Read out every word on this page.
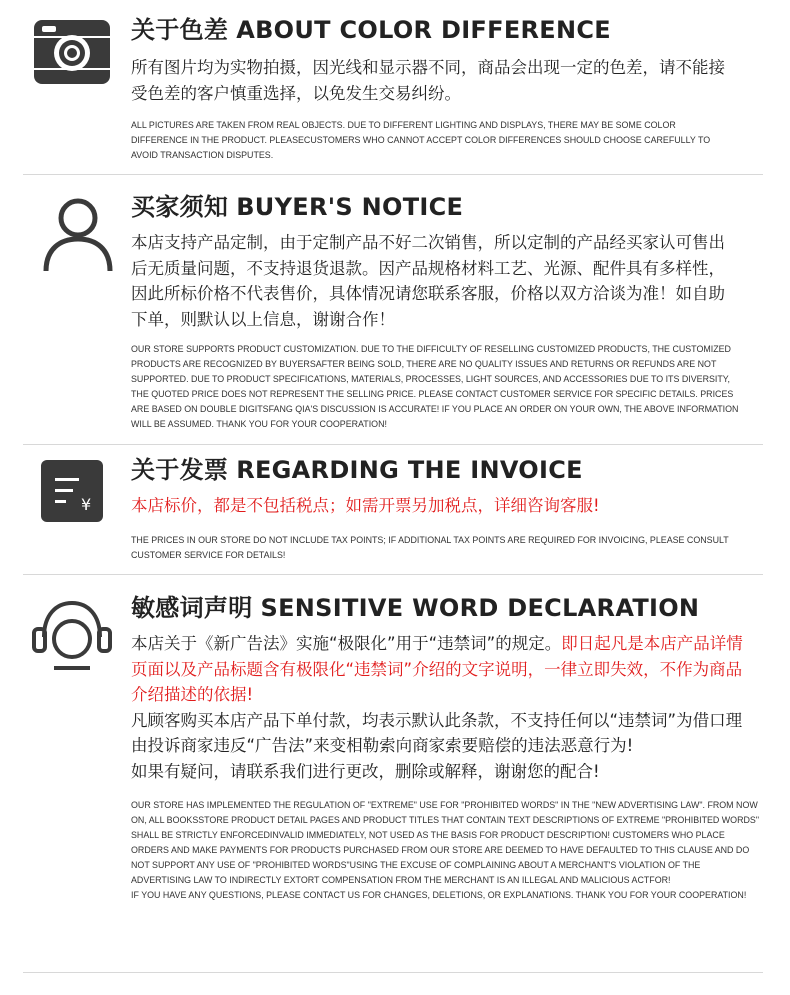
关于色差 ABOUT COLOR DIFFERENCE
所有图片均为实物拍摄，因光线和显示器不同，商品会出现一定的色差，请不能接受色差的客户慎重选择，以免发生交易纠纷。
ALL PICTURES ARE TAKEN FROM REAL OBJECTS. DUE TO DIFFERENT LIGHTING AND DISPLAYS, THERE MAY BE SOME COLOR DIFFERENCE IN THE PRODUCT. PLEASECUSTOMERS WHO CANNOT ACCEPT COLOR DIFFERENCES SHOULD CHOOSE CAREFULLY TO AVOID TRANSACTION DISPUTES.
买家须知 BUYER'S NOTICE
本店支持产品定制，由于定制产品不好二次销售，所以定制的产品经买家认可售出后无质量问题，不支持退货退款。因产品规格材料工艺、光源、配件具有多样性，因此所标价格不代表售价，具体情况请您联系客服，价格以双方洽谈为准！如自助下单，则默认以上信息，谢谢合作！
OUR STORE SUPPORTS PRODUCT CUSTOMIZATION. DUE TO THE DIFFICULTY OF RESELLING CUSTOMIZED PRODUCTS, THE CUSTOMIZED PRODUCTS ARE RECOGNIZED BY BUYERSAFTER BEING SOLD, THERE ARE NO QUALITY ISSUES AND RETURNS OR REFUNDS ARE NOT SUPPORTED. DUE TO PRODUCT SPECIFICATIONS, MATERIALS, PROCESSES, LIGHT SOURCES, AND ACCESSORIES DUE TO ITS DIVERSITY, THE QUOTED PRICE DOES NOT REPRESENT THE SELLING PRICE. PLEASE CONTACT CUSTOMER SERVICE FOR SPECIFIC DETAILS. PRICES ARE BASED ON DOUBLE DIGITSFANG QIA'S DISCUSSION IS ACCURATE! IF YOU PLACE AN ORDER ON YOUR OWN, THE ABOVE INFORMATION WILL BE ASSUMED. THANK YOU FOR YOUR COOPERATION!
¥
关于发票 REGARDING THE INVOICE
本店标价，都是不包括税点；如需开票另加税点，详细咨询客服!
THE PRICES IN OUR STORE DO NOT INCLUDE TAX POINTS; IF ADDITIONAL TAX POINTS ARE REQUIRED FOR INVOICING, PLEASE CONSULT CUSTOMER SERVICE FOR DETAILS!
敏感词声明 SENSITIVE WORD DECLARATION
本店关于《新广告法》实施“极限化”用于“违禁词”的规定。即日起凡是本店产品详情页面以及产品标题含有极限化“违禁词”介绍的文字说明，一律立即失效，不作为商品介绍描述的依据!
凡顾客购买本店产品下单付款，均表示默认此条款，不支持任何以“违禁词”为借口理由投诉商家违反“广告法”来变相勒索向商家索要赔偿的违法恶意行为!
如果有疑问，请联系我们进行更改，删除或解释，谢谢您的配合!
OUR STORE HAS IMPLEMENTED THE REGULATION OF "EXTREME" USE FOR "PROHIBITED WORDS" IN THE "NEW ADVERTISING LAW". FROM NOW ON, ALL BOOKSSTORE PRODUCT DETAIL PAGES AND PRODUCT TITLES THAT CONTAIN TEXT DESCRIPTIONS OF EXTREME "PROHIBITED WORDS" SHALL BE STRICTLY ENFORCEDINVALID IMMEDIATELY, NOT USED AS THE BASIS FOR PRODUCT DESCRIPTION! CUSTOMERS WHO PLACE ORDERS AND MAKE PAYMENTS FOR PRODUCTS PURCHASED FROM OUR STORE ARE DEEMED TO HAVE DEFAULTED TO THIS CLAUSE AND DO NOT SUPPORT ANY USE OF "PROHIBITED WORDS"USING THE EXCUSE OF COMPLAINING ABOUT A MERCHANT'S VIOLATION OF THE ADVERTISING LAW TO INDIRECTLY EXTORT COMPENSATION FROM THE MERCHANT IS AN ILLEGAL AND MALICIOUS ACTFOR!
IF YOU HAVE ANY QUESTIONS, PLEASE CONTACT US FOR CHANGES, DELETIONS, OR EXPLANATIONS. THANK YOU FOR YOUR COOPERATION!
